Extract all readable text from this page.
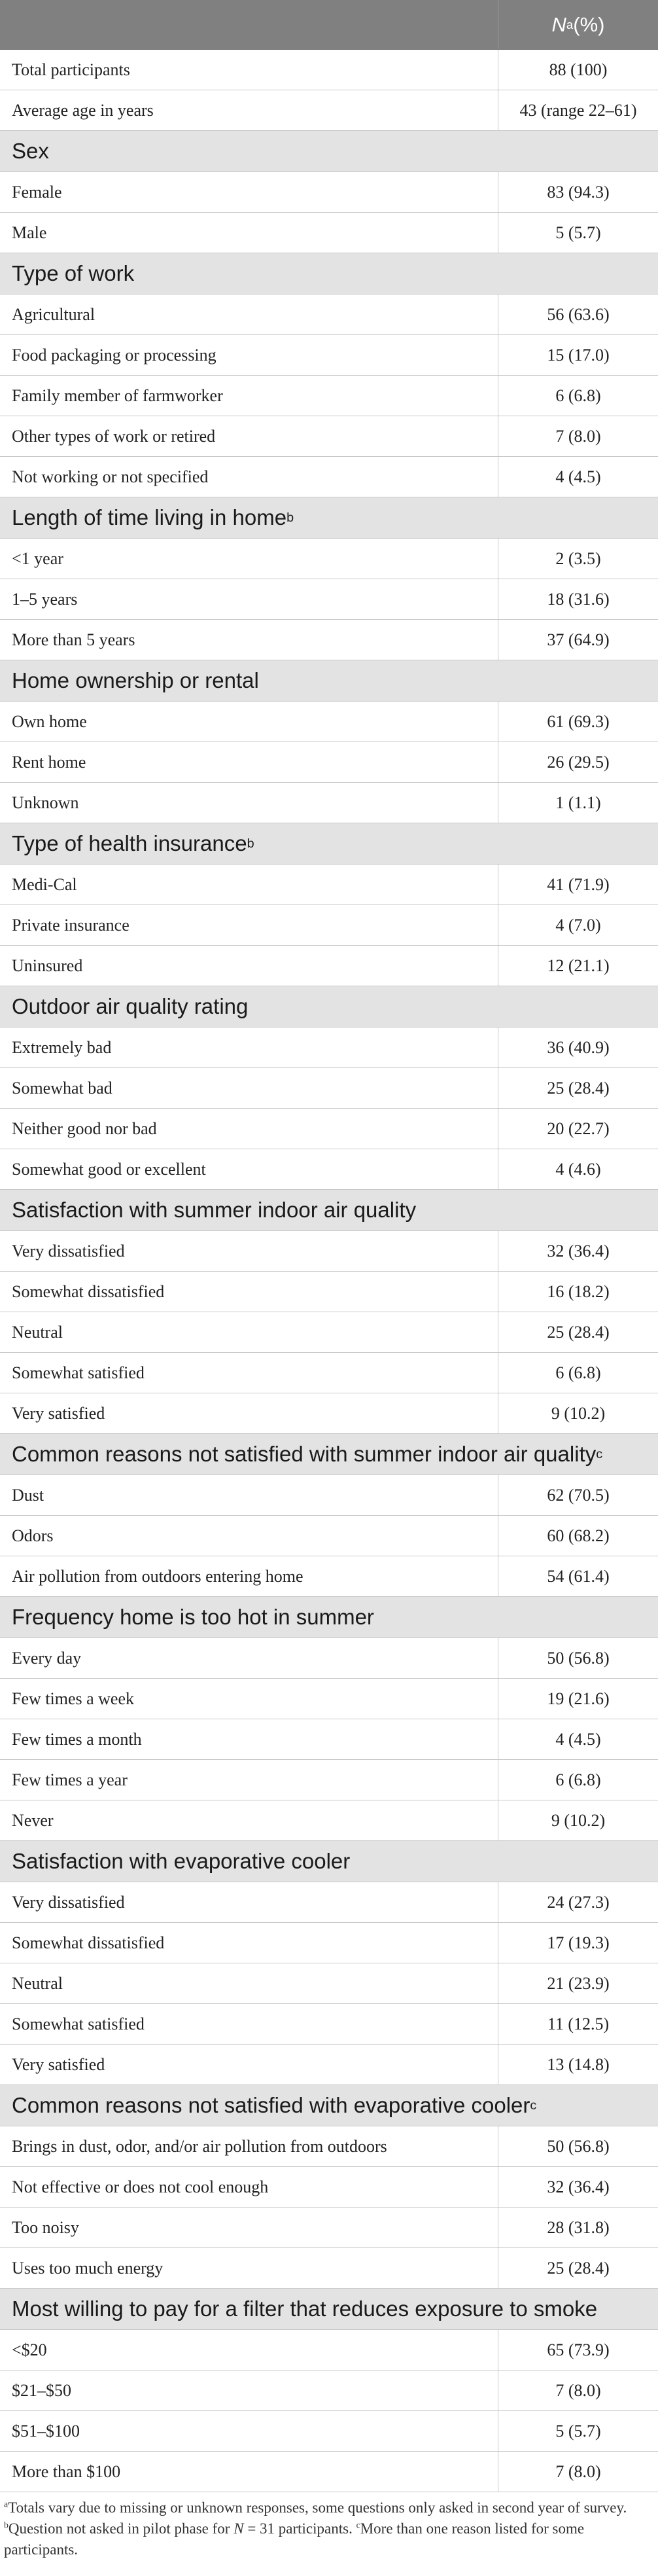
N a (%)
Total participants	88 (100)
Average age in years	43 (range 22–61)
Sex
Female	83 (94.3)
Male	5 (5.7)
Type of work
Agricultural	56 (63.6)
Food packaging or processing	15 (17.0)
Family member of farmworker	6 (6.8)
Other types of work or retired	7 (8.0)
Not working or not specified	4 (4.5)
Length of time living in home b
<1 year	2 (3.5)
1–5 years	18 (31.6)
More than 5 years	37 (64.9)
Home ownership or rental
Own home	61 (69.3)
Rent home	26 (29.5)
Unknown	1 (1.1)
Type of health insurance b
Medi-Cal	41 (71.9)
Private insurance	4 (7.0)
Uninsured	12 (21.1)
Outdoor air quality rating
Extremely bad	36 (40.9)
Somewhat bad	25 (28.4)
Neither good nor bad	20 (22.7)
Somewhat good or excellent	4 (4.6)
Satisfaction with summer indoor air quality
Very dissatisfied	32 (36.4)
Somewhat dissatisfied	16 (18.2)
Neutral	25 (28.4)
Somewhat satisfied	6 (6.8)
Very satisfied	9 (10.2)
Common reasons not satisfied with summer indoor air quality c
Dust	62 (70.5)
Odors	60 (68.2)
Air pollution from outdoors entering home	54 (61.4)
Frequency home is too hot in summer
Every day	50 (56.8)
Few times a week	19 (21.6)
Few times a month	4 (4.5)
Few times a year	6 (6.8)
Never	9 (10.2)
Satisfaction with evaporative cooler
Very dissatisfied	24 (27.3)
Somewhat dissatisfied	17 (19.3)
Neutral	21 (23.9)
Somewhat satisfied	11 (12.5)
Very satisfied	13 (14.8)
Common reasons not satisfied with evaporative cooler c
Brings in dust, odor, and/or air pollution from outdoors	50 (56.8)
Not effective or does not cool enough	32 (36.4)
Too noisy	28 (31.8)
Uses too much energy	25 (28.4)
Most willing to pay for a filter that reduces exposure to smoke
<$20	65 (73.9)
$21–$50	7 (8.0)
$51–$100	5 (5.7)
More than $100	7 (8.0)

$^a$Totals vary due to missing or unknown responses, some questions only asked in second year of survey. $^b$Question not asked in pilot phase for N = 31 participants. $^c$More than one reason listed for some participants.
